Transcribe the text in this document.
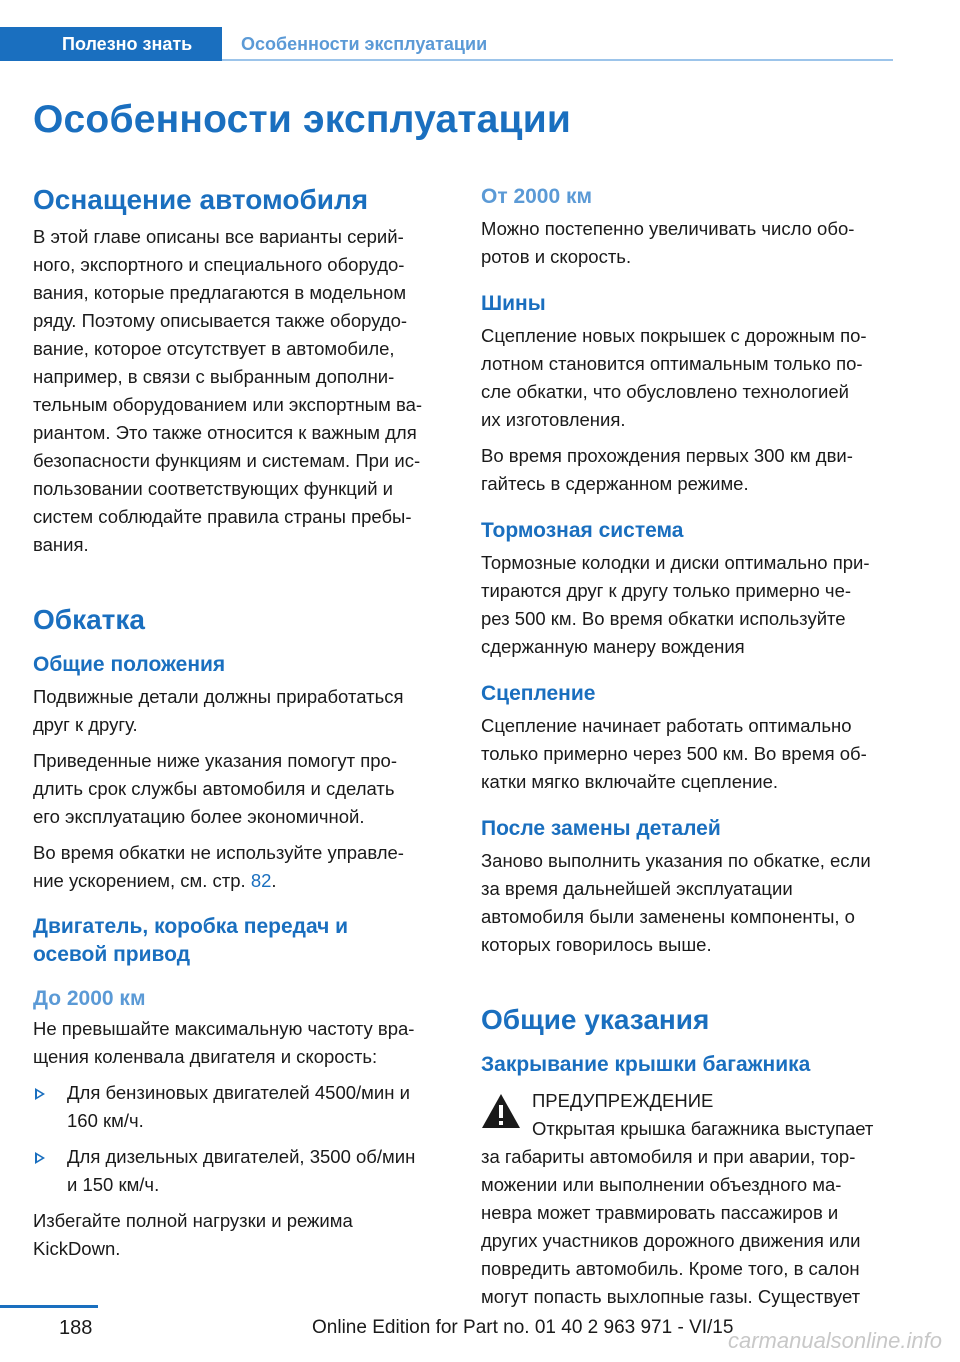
Полезно знать	Особенности эксплуатации
Особенности эксплуатации
Оснащение автомобиля
В этой главе описаны все варианты серий-
ного, экспортного и специального оборудо-
вания, которые предлагаются в модельном
ряду. Поэтому описывается также оборудо-
вание, которое отсутствует в автомобиле,
например, в связи с выбранным дополни-
тельным оборудованием или экспортным ва-
риантом. Это также относится к важным для
безопасности функциям и системам. При ис-
пользовании соответствующих функций и
систем соблюдайте правила страны пребы-
вания.
Обкатка
Общие положения
Подвижные детали должны приработаться
друг к другу.
Приведенные ниже указания помогут про-
длить срок службы автомобиля и сделать
его эксплуатацию более экономичной.
Во время обкатки не используйте управле-
ние ускорением, см. стр. 82.
Двигатель, коробка передач и
осевой привод
До 2000 км
Не превышайте максимальную частоту вра-
щения коленвала двигателя и скорость:
Для бензиновых двигателей 4500/мин и
160 км/ч.
Для дизельных двигателей, 3500 об/мин
и 150 км/ч.
Избегайте полной нагрузки и режима
KickDown.
От 2000 км
Можно постепенно увеличивать число обо-
ротов и скорость.
Шины
Сцепление новых покрышек с дорожным по-
лотном становится оптимальным только по-
сле обкатки, что обусловлено технологией
их изготовления.
Во время прохождения первых 300 км дви-
гайтесь в сдержанном режиме.
Тормозная система
Тормозные колодки и диски оптимально при-
тираются друг к другу только примерно че-
рез 500 км. Во время обкатки используйте
сдержанную манеру вождения
Сцепление
Сцепление начинает работать оптимально
только примерно через 500 км. Во время об-
катки мягко включайте сцепление.
После замены деталей
Заново выполнить указания по обкатке, если
за время дальнейшей эксплуатации
автомобиля были заменены компоненты, о
которых говорилось выше.
Общие указания
Закрывание крышки багажника
ПРЕДУПРЕЖДЕНИЕ
Открытая крышка багажника выступает
за габариты автомобиля и при аварии, тор-
можении или выполнении объездного ма-
невра может травмировать пассажиров и
других участников дорожного движения или
повредить автомобиль. Кроме того, в салон
могут попасть выхлопные газы. Существует
188	Online Edition for Part no. 01 40 2 963 971 - VI/15
carmanualsonline.info
